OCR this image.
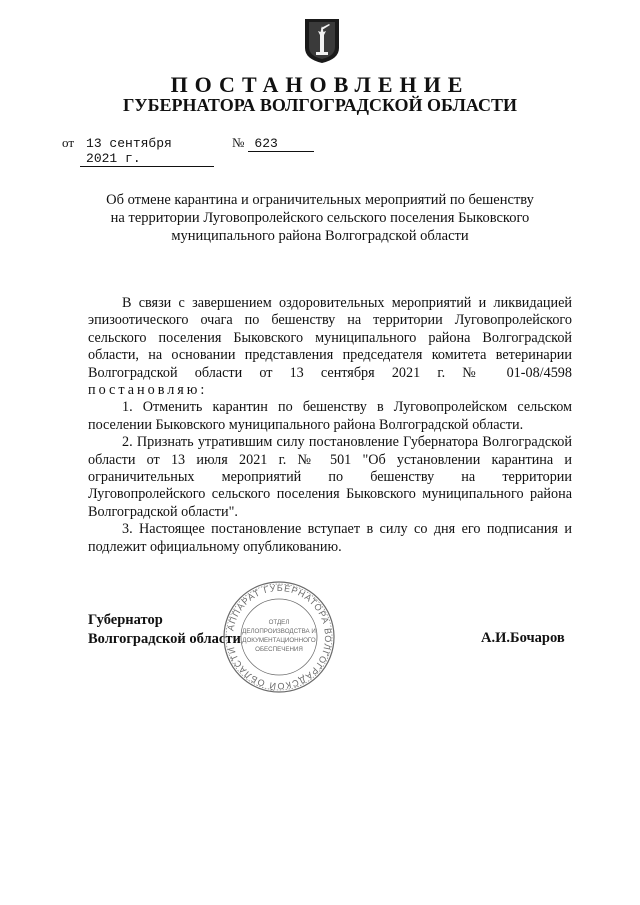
ПОСТАНОВЛЕНИЕ
ГУБЕРНАТОРА ВОЛГОГРАДСКОЙ ОБЛАСТИ
от 13 сентября 2021 г.
№ 623
Об отмене карантина и ограничительных мероприятий по бешенству
на территории Луговопролейского сельского поселения Быковского
муниципального района Волгоградской области

В связи с завершением оздоровительных мероприятий и ликвидацией эпизоотического очага по бешенству на территории Луговопролейского сельского поселения Быковского муниципального района Волгоградской области, на основании представления председателя комитета ветеринарии Волгоградской области от 13 сентября 2021 г. № 01-08/4598 постановляю:

1. Отменить карантин по бешенству в Луговопролейском сельском поселении Быковского муниципального района Волгоградской области.

2. Признать утратившим силу постановление Губернатора Волгоградской области от 13 июля 2021 г. № 501 "Об установлении карантина и ограничительных мероприятий по бешенству на территории Луговопролейского сельского поселения Быковского муниципального района Волгоградской области".

3. Настоящее постановление вступает в силу со дня его подписания и подлежит официальному опубликованию.

Губернатор
Волгоградской области	А.И.Бочаров
АППАРАТ ГУБЕРНАТОРА ВОЛГОГРАДСКОЙ ОБЛАСТИ
ОТДЕЛ
ДЕЛОПРОИЗВОДСТВА И
ДОКУМЕНТАЦИОННОГО
ОБЕСПЕЧЕНИЯ
